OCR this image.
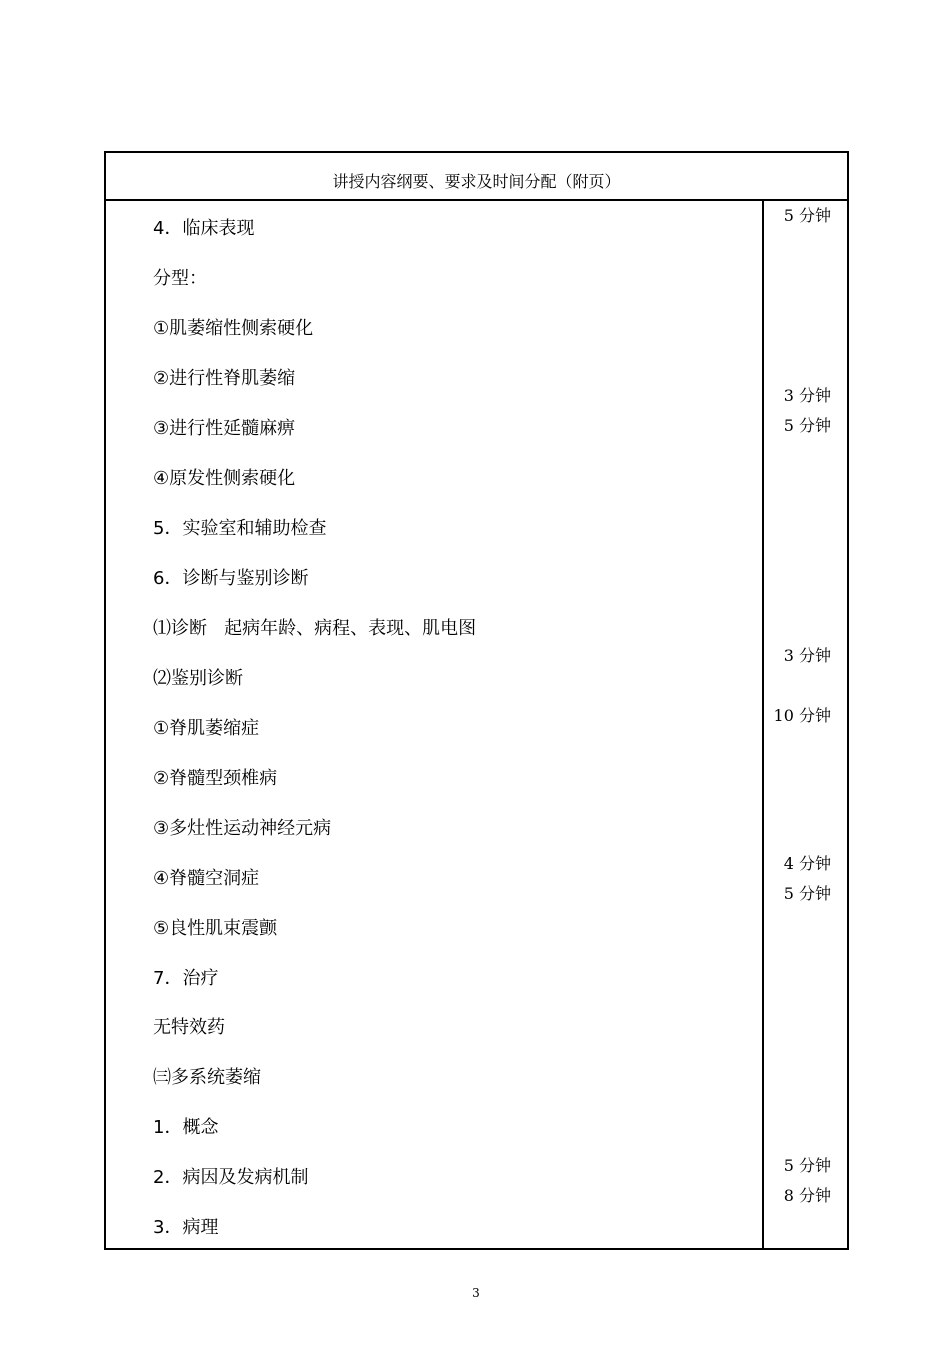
讲授内容纲要、要求及时间分配（附页）
4．临床表现
分型：
①肌萎缩性侧索硬化
②进行性脊肌萎缩
③进行性延髓麻痹
④原发性侧索硬化
5．实验室和辅助检查
6．诊断与鉴别诊断
⑴诊断   起病年龄、病程、表现、肌电图
⑵鉴别诊断
①脊肌萎缩症
②脊髓型颈椎病
③多灶性运动神经元病
④脊髓空洞症
⑤良性肌束震颤
7．治疗
无特效药
㈢多系统萎缩
1．概念
2．病因及发病机制
3．病理
5 分钟
3 分钟
5 分钟
3 分钟
10 分钟
4 分钟
5 分钟
5 分钟
8 分钟
3
